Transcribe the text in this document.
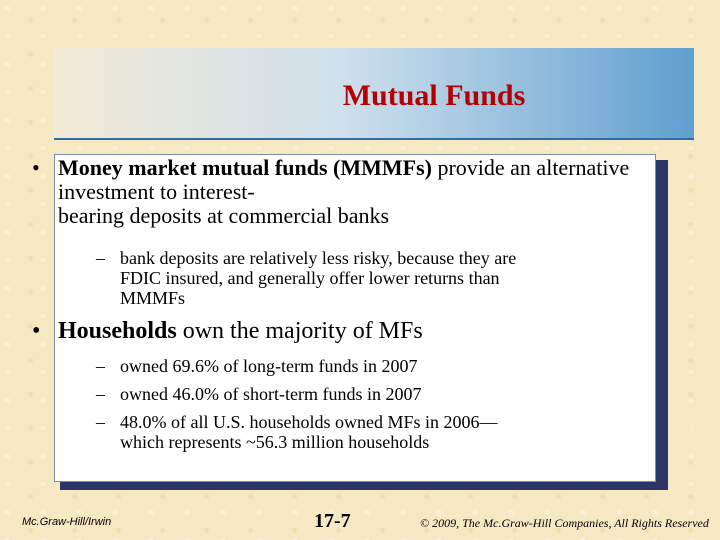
Mutual Funds
• Money market mutual funds (MMMFs) provide an alternative investment to interest-
bearing deposits at commercial banks
– bank deposits are relatively less risky, because they are
FDIC insured, and generally offer lower returns than
MMMFs
• Households own the majority of MFs
– owned 69.6% of long-term funds in 2007
– owned 46.0% of short-term funds in 2007
– 48.0% of all U.S. households owned MFs in 2006—
which represents ~56.3 million households
Mc.Graw-Hill/Irwin	17-7	© 2009, The Mc.Graw-Hill Companies, All Rights Reserved
